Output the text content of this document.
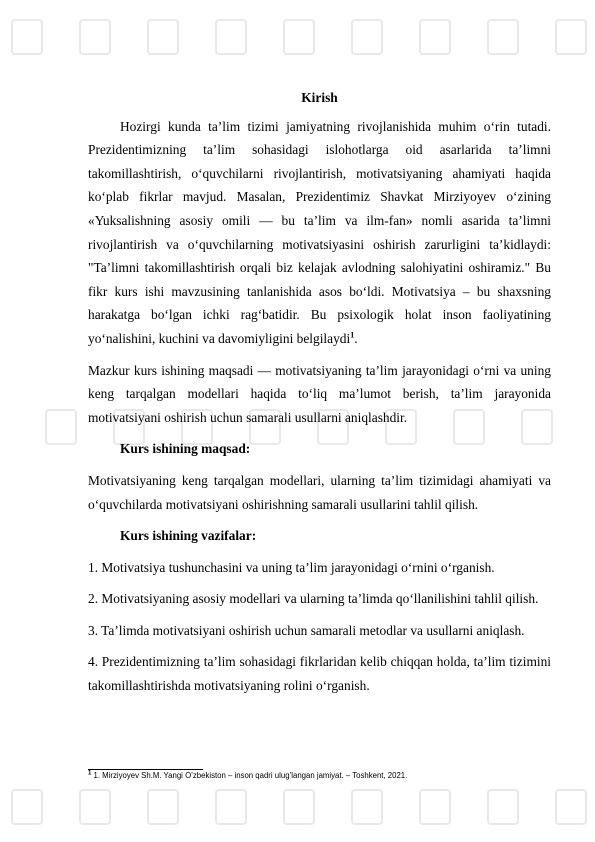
Kirish

Hozirgi kunda ta’lim tizimi jamiyatning rivojlanishida muhim o‘rin tutadi. Prezidentimizning ta’lim sohasidagi islohotlarga oid asarlarida ta’limni takomillashtirish, o‘quvchilarni rivojlantirish, motivatsiyaning ahamiyati haqida ko‘plab fikrlar mavjud. Masalan, Prezidentimiz Shavkat Mirziyoyev o‘zining «Yuksalishning asosiy omili — bu ta’lim va ilm-fan» nomli asarida ta’limni rivojlantirish va o‘quvchilarning motivatsiyasini oshirish zarurligini ta’kidlaydi: "Ta’limni takomillashtirish orqali biz kelajak avlodning salohiyatini oshiramiz." Bu fikr kurs ishi mavzusining tanlanishida asos bo‘ldi. Motivatsiya – bu shaxsning harakatga bo‘lgan ichki rag‘batidir. Bu psixologik holat inson faoliyatining yo‘nalishini, kuchini va davomiyligini belgilaydi$^1$.

Mazkur kurs ishining maqsadi — motivatsiyaning ta’lim jarayonidagi o‘rni va uning keng tarqalgan modellari haqida to‘liq ma’lumot berish, ta’lim jarayonida motivatsiyani oshirish uchun samarali usullarni aniqlashdir.

Kurs ishining maqsad:

Motivatsiyaning keng tarqalgan modellari, ularning ta’lim tizimidagi ahamiyati va o‘quvchilarda motivatsiyani oshirishning samarali usullarini tahlil qilish.

Kurs ishining vazifalar:

1. Motivatsiya tushunchasini va uning ta’lim jarayonidagi o‘rnini o‘rganish.

2. Motivatsiyaning asosiy modellari va ularning ta’limda qo‘llanilishini tahlil qilish.

3. Ta’limda motivatsiyani oshirish uchun samarali metodlar va usullarni aniqlash.

4. Prezidentimizning ta’lim sohasidagi fikrlaridan kelib chiqqan holda, ta’lim tizimini takomillashtirishda motivatsiyaning rolini o‘rganish.

$^1$ 1. Mirziyoyev Sh.M. Yangi O’zbekiston – inson qadri ulug’langan jamiyat. – Toshkent, 2021.
